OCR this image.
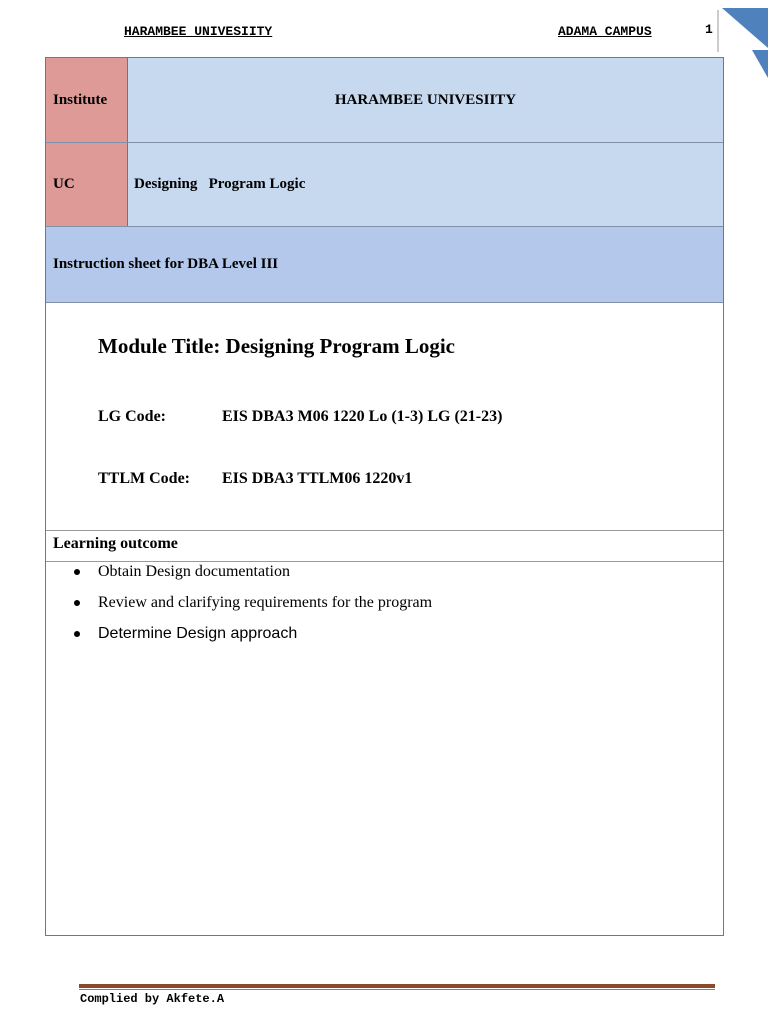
HARAMBEE UNIVESIITY	ADAMA CAMPUS	1
Institute	HARAMBEE UNIVESIITY
UC	Designing   Program Logic
Instruction sheet for DBA Level III
Module Title: Designing Program Logic
LG Code:	EIS DBA3 M06 1220 Lo (1-3) LG (21-23)
TTLM Code: EIS DBA3 TTLM06 1220v1
Learning outcome
Obtain Design documentation
Review and clarifying requirements for the program
Determine Design approach
Complied by Akfete.A
